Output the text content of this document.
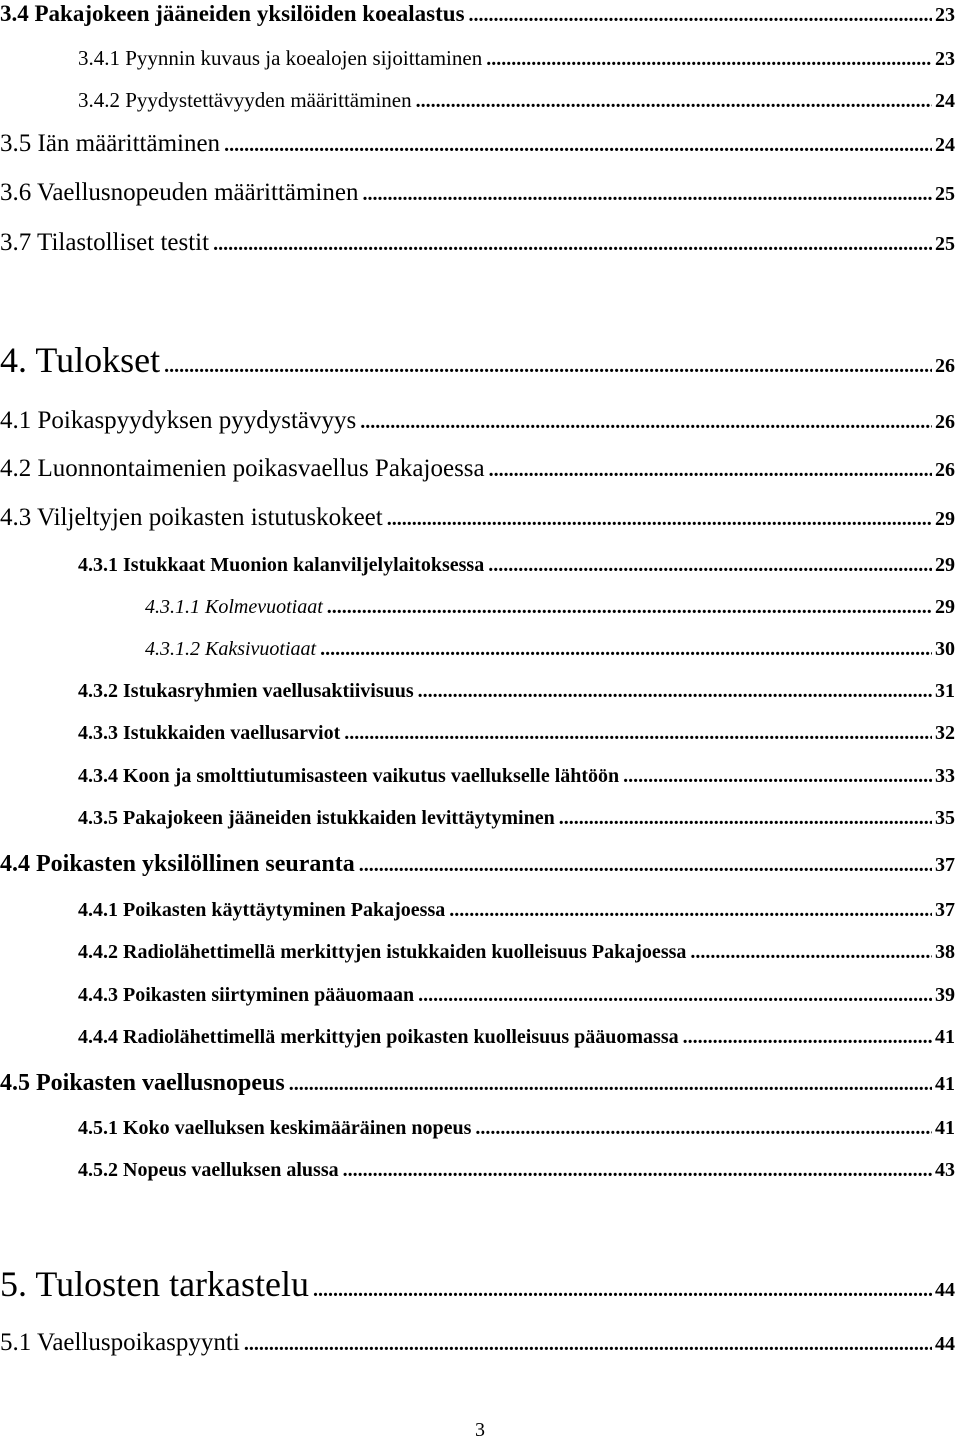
3.4 Pakajokeen jääneiden yksilöiden koealastus .....	23
3.4.1 Pyynnin kuvaus ja koealojen sijoittaminen .....	23
3.4.2 Pyydystettävyyden määrittäminen .....	24
3.5 Iän määrittäminen .....	24
3.6 Vaellusnopeuden määrittäminen .....	25
3.7 Tilastolliset testit .....	25
4. Tulokset .....	26
4.1 Poikaspyydyksen pyydystävyys .....	26
4.2 Luonnontaimenien poikasvaellus Pakajoessa .....	26
4.3 Viljeltyjen poikasten istutuskokeet .....	29
4.3.1 Istukkaat Muonion kalanviljelylaitoksessa .....	29
4.3.1.1 Kolmevuotiaat .....	29
4.3.1.2 Kaksivuotiaat .....	30
4.3.2 Istukasryhmien vaellusaktiivisuus .....	31
4.3.3 Istukkaiden vaellusarviot .....	32
4.3.4 Koon ja smolttiutumisasteen vaikutus vaellukselle lähtöön .....	33
4.3.5 Pakajokeen jääneiden istukkaiden levittäytyminen .....	35
4.4 Poikasten yksilöllinen seuranta .....	37
4.4.1 Poikasten käyttäytyminen Pakajoessa .....	37
4.4.2 Radiolähettimellä merkittyjen istukkaiden kuolleisuus Pakajoessa .....	38
4.4.3 Poikasten siirtyminen pääuomaan .....	39
4.4.4 Radiolähettimellä merkittyjen poikasten kuolleisuus pääuomassa .....	41
4.5 Poikasten vaellusnopeus .....	41
4.5.1 Koko vaelluksen keskimääräinen nopeus .....	41
4.5.2 Nopeus vaelluksen alussa .....	43
5. Tulosten tarkastelu .....	44
5.1 Vaelluspoikaspyynti .....	44
3
